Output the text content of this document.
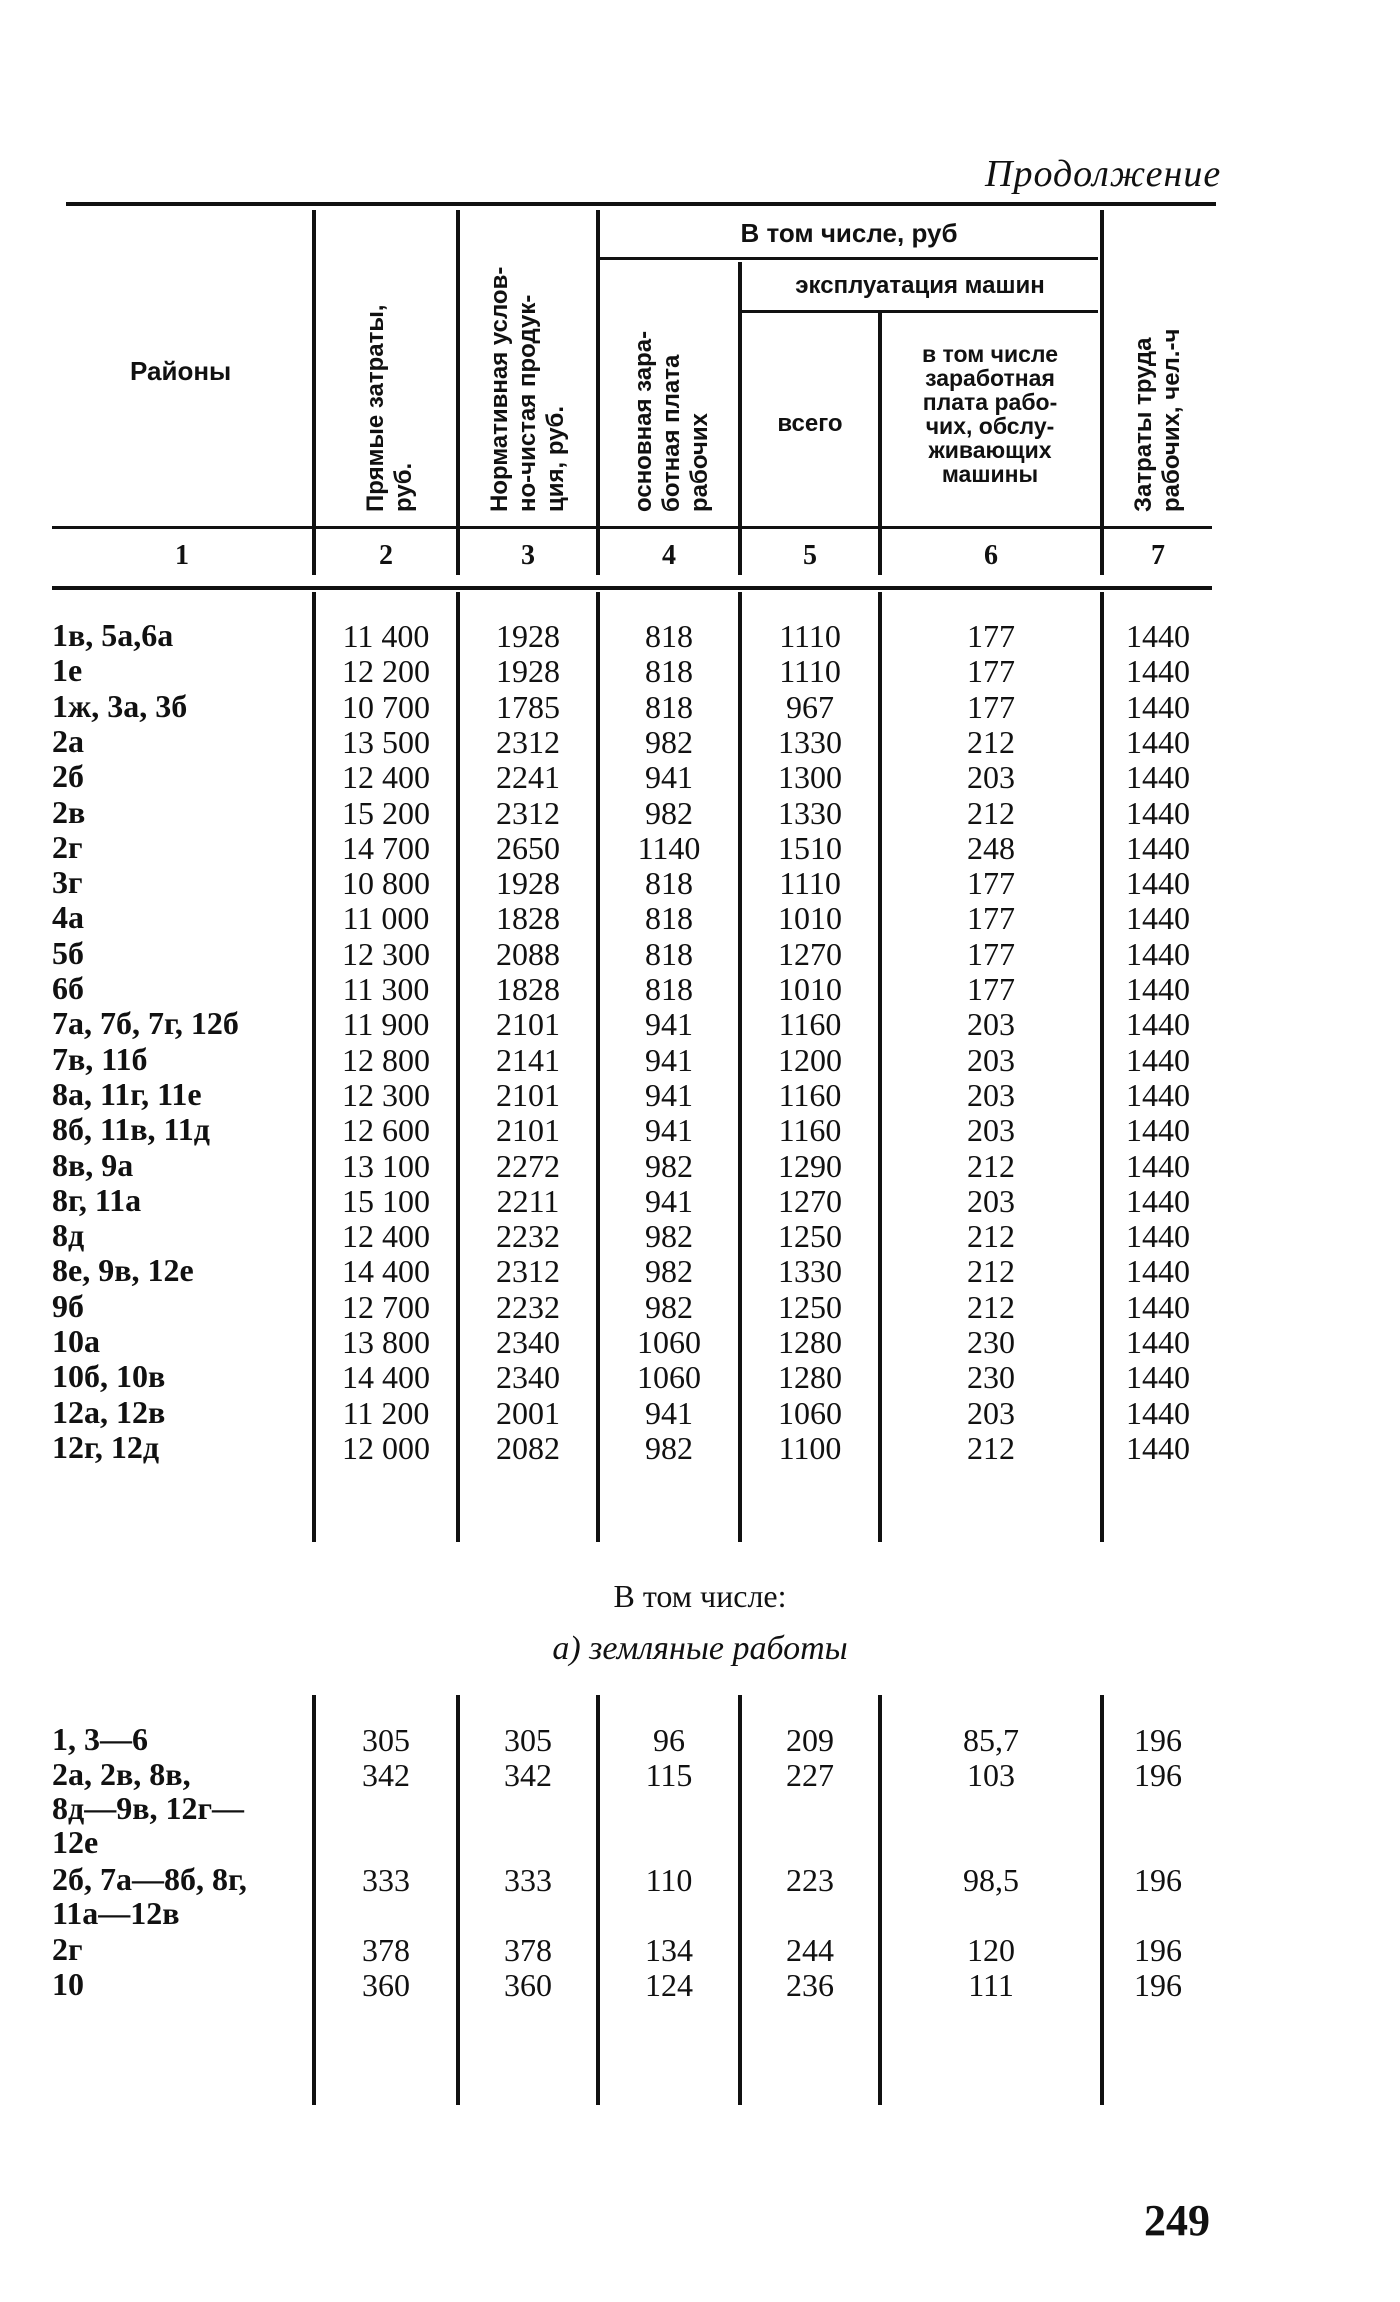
Продолжение
Районы
Прямые затраты,
руб.	Нормативная услов-
но-чистая продук-
ция, руб.
В том числе, руб
основная зара-
ботная плата
рабочих
эксплуатация машин
всего
в том числе
заработная
плата рабо-
чих, обслу-
живающих
машины	Затраты труда
рабочих, чел.-ч
1	2	3	4	5	6	7
1в, 5а,6а	11 400	1928	818	1110	177	1440
1е	12 200	1928	818	1110	177	1440
1ж, 3а, 3б	10 700	1785	818	967	177	1440
2а	13 500	2312	982	1330	212	1440
2б	12 400	2241	941	1300	203	1440
2в	15 200	2312	982	1330	212	1440
2г	14 700	2650	1140	1510	248	1440
3г	10 800	1928	818	1110	177	1440
4а	11 000	1828	818	1010	177	1440
5б	12 300	2088	818	1270	177	1440
6б	11 300	1828	818	1010	177	1440
7а, 7б, 7г, 12б	11 900	2101	941	1160	203	1440
7в, 11б	12 800	2141	941	1200	203	1440
8а, 11г, 11е	12 300	2101	941	1160	203	1440
8б, 11в, 11д	12 600	2101	941	1160	203	1440
8в, 9а	13 100	2272	982	1290	212	1440
8г, 11а	15 100	2211	941	1270	203	1440
8д	12 400	2232	982	1250	212	1440
8е, 9в, 12е	14 400	2312	982	1330	212	1440
9б	12 700	2232	982	1250	212	1440
10а	13 800	2340	1060	1280	230	1440
10б, 10в	14 400	2340	1060	1280	230	1440
12а, 12в	11 200	2001	941	1060	203	1440
12г, 12д	12 000	2082	982	1100	212	1440
В том числе:
а) земляные работы
1, 3—6	305	305	96	209	85,7	196
2а, 2в, 8в,
8д—9в, 12г—
12е
342	342	115	227	103	196
2б, 7а—8б, 8г,
11а—12в
333	333	110	223	98,5	196
2г	378	378	134	244	120	196
10	360	360	124	236	111	196
249
